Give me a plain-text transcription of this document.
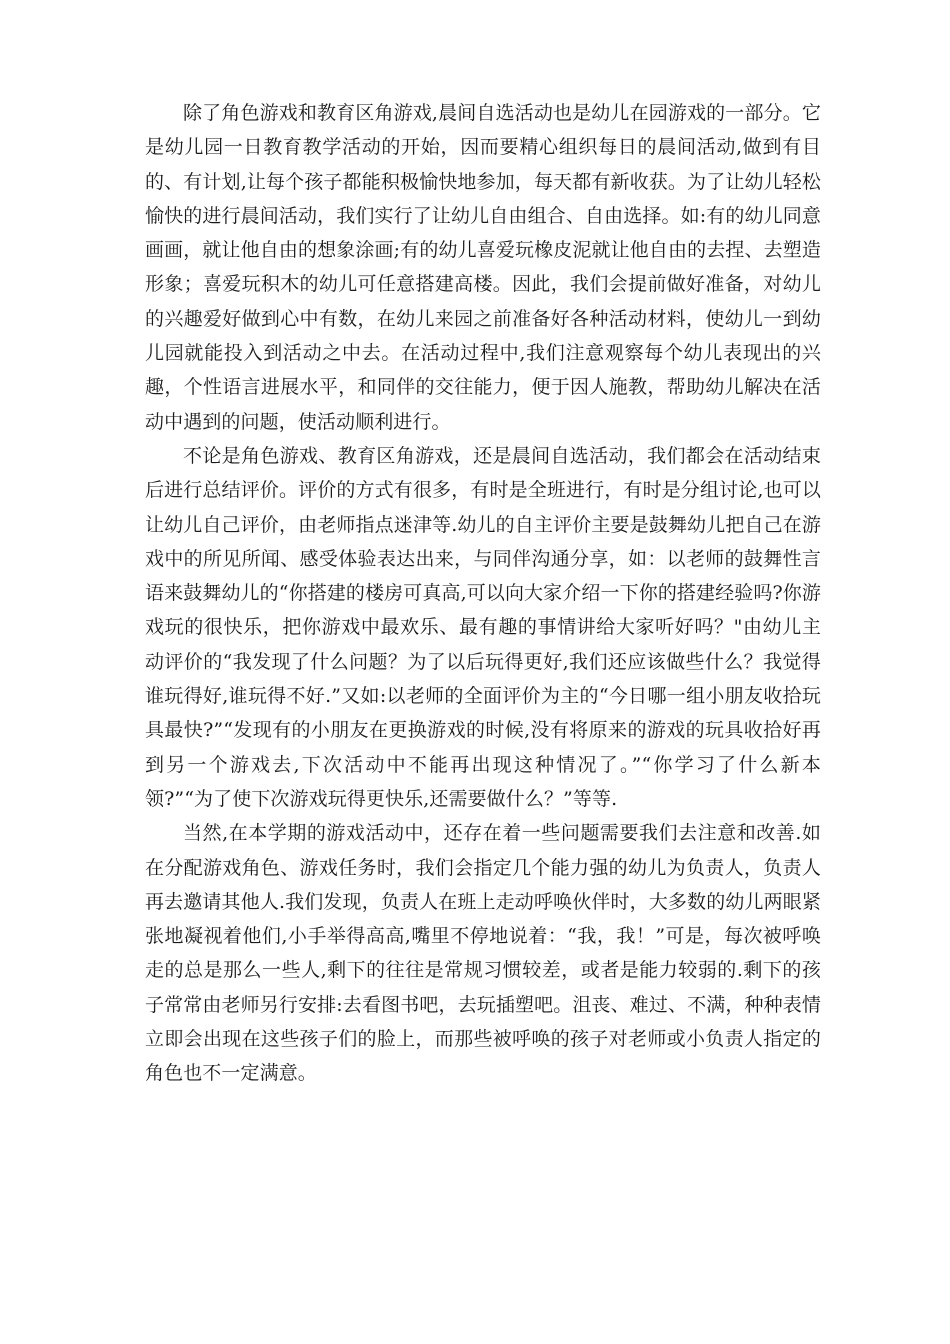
除了角色游戏和教育区角游戏,晨间自选活动也是幼儿在园游戏的一部分。它是幼儿园一日教育教学活动的开始，因而要精心组织每日的晨间活动,做到有目的、有计划,让每个孩子都能积极愉快地参加，每天都有新收获。为了让幼儿轻松愉快的进行晨间活动，我们实行了让幼儿自由组合、自由选择。如:有的幼儿同意画画，就让他自由的想象涂画;有的幼儿喜爱玩橡皮泥就让他自由的去捏、去塑造形象；喜爱玩积木的幼儿可任意搭建高楼。因此，我们会提前做好准备，对幼儿的兴趣爱好做到心中有数，在幼儿来园之前准备好各种活动材料，使幼儿一到幼儿园就能投入到活动之中去。在活动过程中,我们注意观察每个幼儿表现出的兴趣，个性语言进展水平，和同伴的交往能力，便于因人施教，帮助幼儿解决在活动中遇到的问题，使活动顺利进行。

不论是角色游戏、教育区角游戏，还是晨间自选活动，我们都会在活动结束后进行总结评价。评价的方式有很多，有时是全班进行，有时是分组讨论,也可以让幼儿自己评价，由老师指点迷津等.幼儿的自主评价主要是鼓舞幼儿把自己在游戏中的所见所闻、感受体验表达出来，与同伴沟通分享，如：以老师的鼓舞性言语来鼓舞幼儿的“你搭建的楼房可真高,可以向大家介绍一下你的搭建经验吗?你游戏玩的很快乐，把你游戏中最欢乐、最有趣的事情讲给大家听好吗？"由幼儿主动评价的“我发现了什么问题？为了以后玩得更好,我们还应该做些什么？我觉得谁玩得好,谁玩得不好.”又如:以老师的全面评价为主的“今日哪一组小朋友收拾玩具最快?”“发现有的小朋友在更换游戏的时候,没有将原来的游戏的玩具收拾好再到另一个游戏去,下次活动中不能再出现这种情况了。”“你学习了什么新本领?”“为了使下次游戏玩得更快乐,还需要做什么？”等等.

当然,在本学期的游戏活动中，还存在着一些问题需要我们去注意和改善.如在分配游戏角色、游戏任务时，我们会指定几个能力强的幼儿为负责人，负责人再去邀请其他人.我们发现，负责人在班上走动呼唤伙伴时，大多数的幼儿两眼紧张地凝视着他们,小手举得高高,嘴里不停地说着：“我，我！”可是，每次被呼唤走的总是那么一些人,剩下的往往是常规习惯较差，或者是能力较弱的.剩下的孩子常常由老师另行安排:去看图书吧，去玩插塑吧。沮丧、难过、不满，种种表情立即会出现在这些孩子们的脸上，而那些被呼唤的孩子对老师或小负责人指定的角色也不一定满意。
